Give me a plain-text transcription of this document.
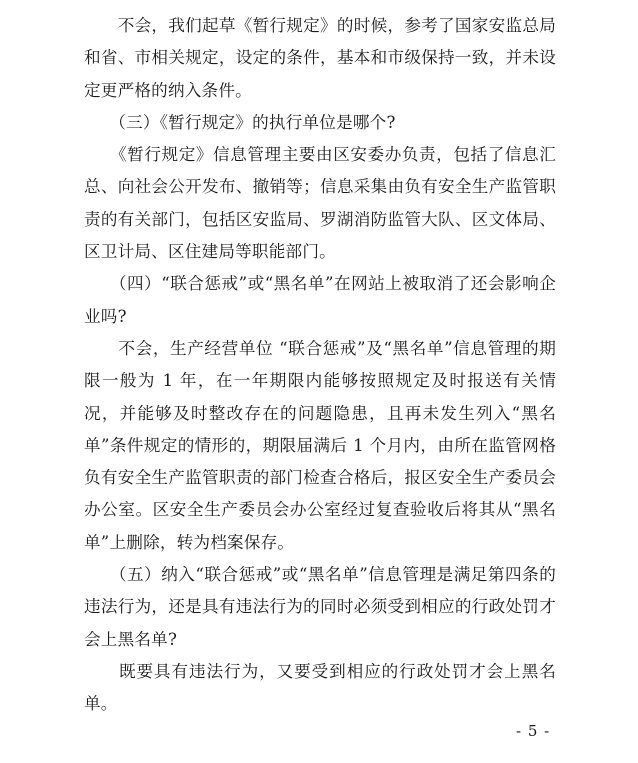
　　不会，我们起草《暂行规定》的时候，参考了国家安监总局和省、市相关规定，设定的条件，基本和市级保持一致，并未设定更严格的纳入条件。

　　（三）《暂行规定》的执行单位是哪个?

　　《暂行规定》信息管理主要由区安委办负责，包括了信息汇总、向社会公开发布、撤销等；信息采集由负有安全生产监管职责的有关部门，包括区安监局、罗湖消防监管大队、区文体局、区卫计局、区住建局等职能部门。

　　（四）“联合惩戒”或“黑名单”在网站上被取消了还会影响企业吗?

　　不会，生产经营单位 “联合惩戒”及“黑名单”信息管理的期限一般为 1 年，在一年期限内能够按照规定及时报送有关情况，并能够及时整改存在的问题隐患，且再未发生列入“黑名单”条件规定的情形的，期限届满后 1 个月内，由所在监管网格负有安全生产监管职责的部门检查合格后，报区安全生产委员会办公室。区安全生产委员会办公室经过复查验收后将其从“黑名单”上删除，转为档案保存。

　　（五）纳入“联合惩戒”或“黑名单”信息管理是满足第四条的违法行为，还是具有违法行为的同时必须受到相应的行政处罚才会上黑名单?

　　既要具有违法行为，又要受到相应的行政处罚才会上黑名单。

- 5 -
